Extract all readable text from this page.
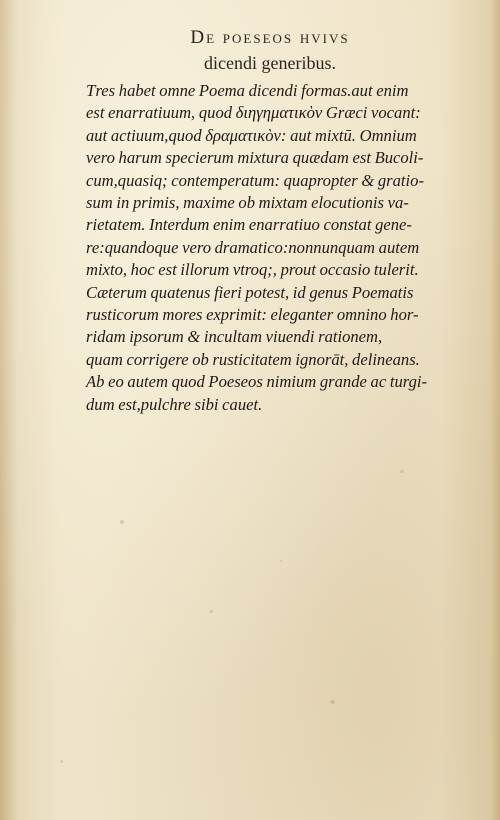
De poeseos hvivs
dicendi generibus.
Tres habet omne Poema dicendi formas.aut enim
est enarratiuum, quod διηγηματικὸν Græci vocant:
aut actiuum,quod δραματικὸν: aut mixtū. Omnium
vero harum specierum mixtura quædam est Bucoli-
cum,quasiq; contemperatum: quapropter & gratio-
sum in primis, maxime ob mixtam elocutionis va-
rietatem. Interdum enim enarratiuo constat gene-
re:quandoque vero dramatico:nonnunquam autem
mixto, hoc est illorum vtroq;, prout occasio tulerit.
Cæterum quatenus fieri potest, id genus Poematis
rusticorum mores exprimit: eleganter omnino hor-
ridam ipsorum & incultam viuendi rationem,
quam corrigere ob rusticitatem ignorāt, delineans.
Ab eo autem quod Poeseos nimium grande ac turgi-
dum est,pulchre sibi cauet.
